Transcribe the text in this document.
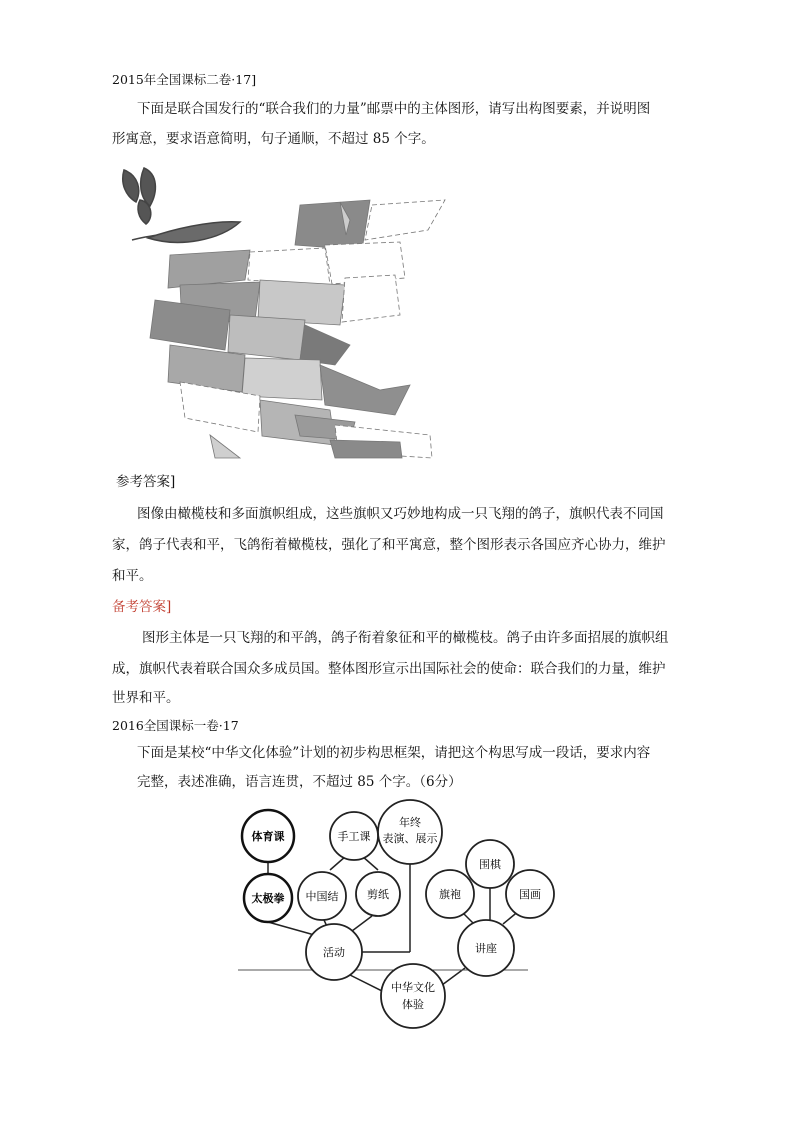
2015年全国课标二卷·17]
下面是联合国发行的“联合我们的力量”邮票中的主体图形，请写出构图要素，并说明图
形寓意，要求语意简明，句子通顺，不超过 85 个字。
参考答案]
图像由橄榄枝和多面旗帜组成，这些旗帜又巧妙地构成一只飞翔的鸽子，旗帜代表不同国
家，鸽子代表和平，飞鸽衔着橄榄枝，强化了和平寓意，整个图形表示各国应齐心协力，维护
和平。
备考答案]
图形主体是一只飞翔的和平鸽，鸽子衔着象征和平的橄榄枝。鸽子由许多面招展的旗帜组
成，旗帜代表着联合国众多成员国。整体图形宣示出国际社会的使命：联合我们的力量，维护
世界和平。
2016全国课标一卷·17
下面是某校“中华文化体验”计划的初步构思框架，请把这个构思写成一段话，要求内容
完整，表述准确，语言连贯，不超过 85 个字。（6分）
体育课
太极拳
手工课
中国结	剪纸
年终
表演、展示
活动
旗袍
围棋
国画
讲座
中华文化
体验
